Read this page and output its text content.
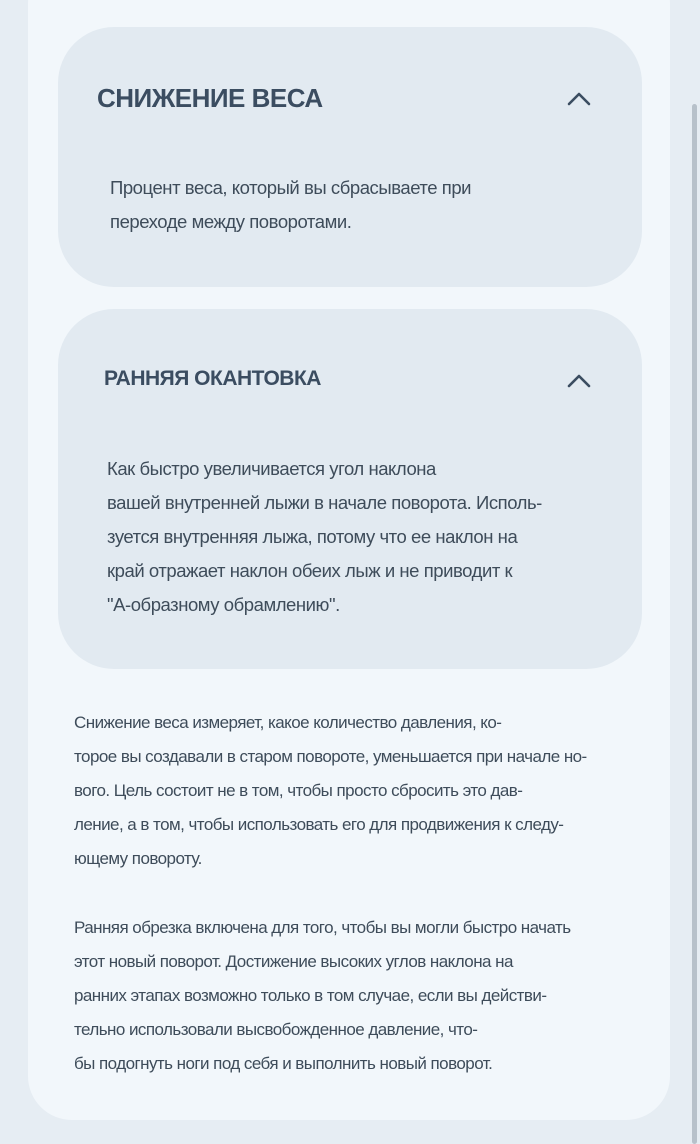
СНИЖЕНИЕ ВЕСА

Процент веса, который вы сбрасываете при
переходе между поворотами.

РАННЯЯ ОКАНТОВКА

Как быстро увеличивается угол наклона
вашей внутренней лыжи в начале поворота. Исполь-
зуется внутренняя лыжа, потому что ее наклон на
край отражает наклон обеих лыж и не приводит к
"А-образному обрамлению".

Снижение веса измеряет, какое количество давления, ко-
торое вы создавали в старом повороте, уменьшается при начале но-
вого. Цель состоит не в том, чтобы просто сбросить это дав-
ление, а в том, чтобы использовать его для продвижения к следу-
ющему повороту.

Ранняя обрезка включена для того, чтобы вы могли быстро начать
этот новый поворот. Достижение высоких углов наклона на
ранних этапах возможно только в том случае, если вы действи-
тельно использовали высвобожденное давление, что-
бы подогнуть ноги под себя и выполнить новый поворот.
